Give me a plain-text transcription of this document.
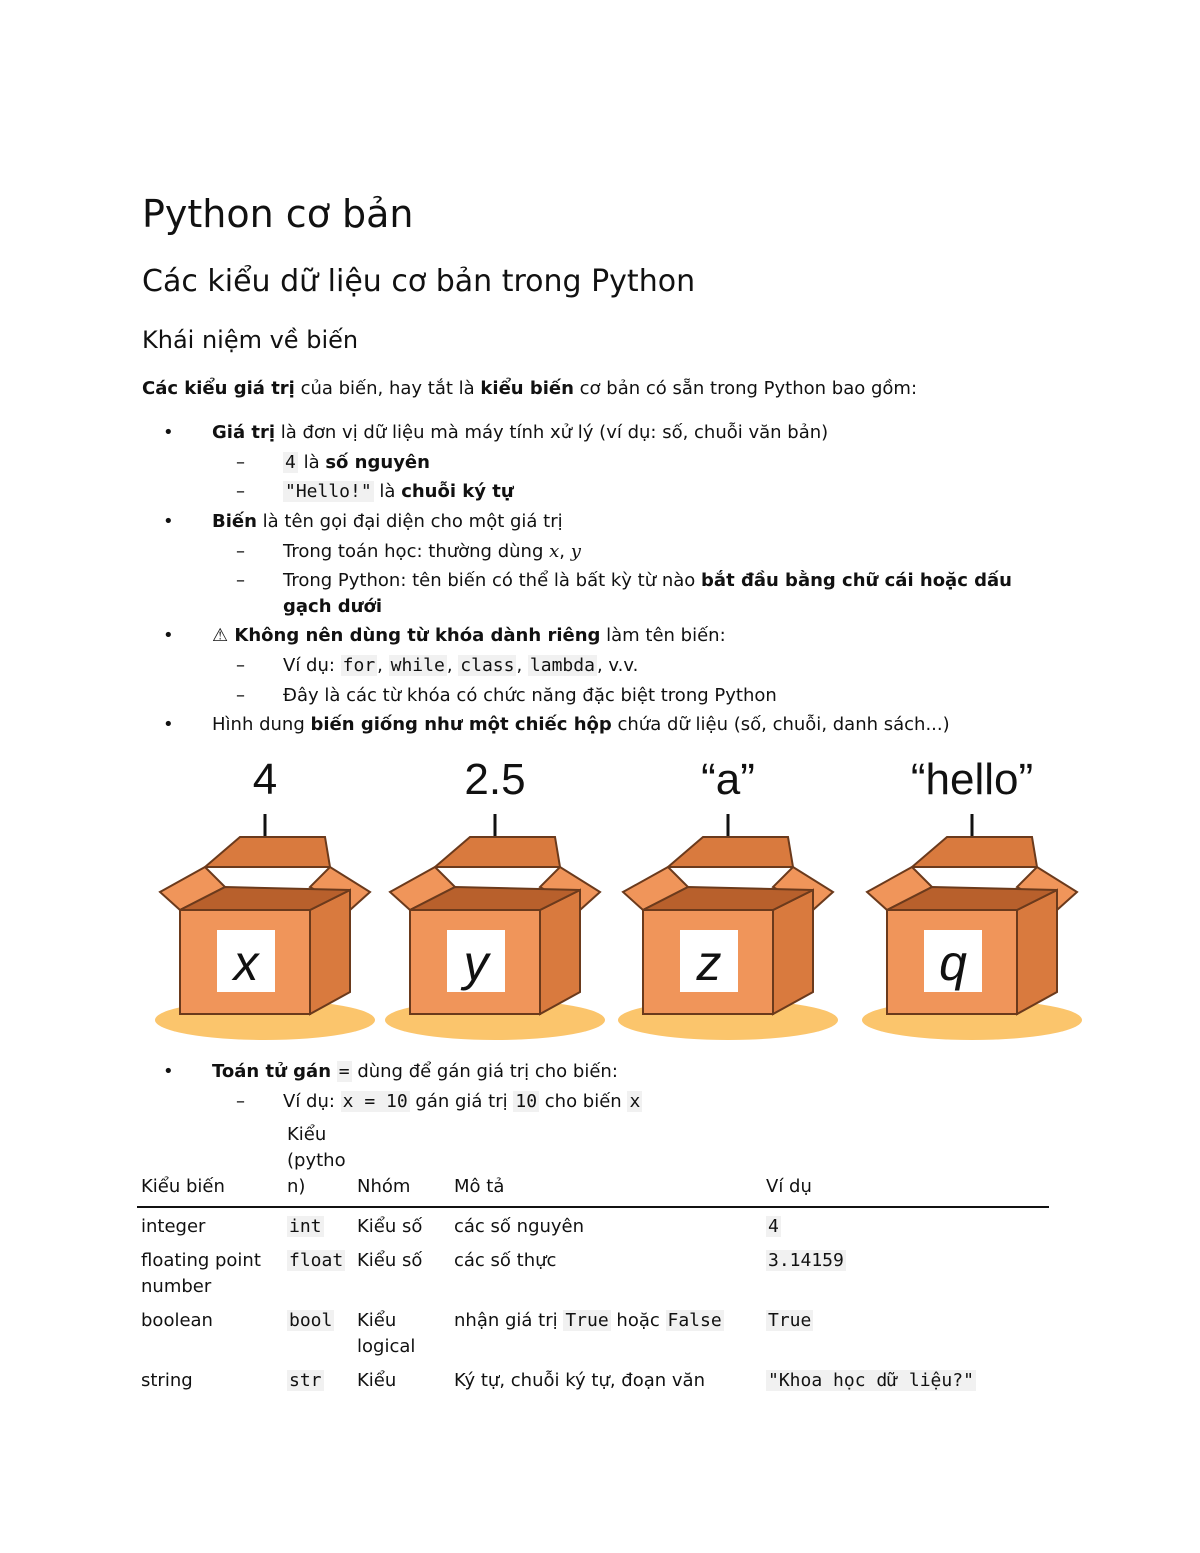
Python cơ bản
Các kiểu dữ liệu cơ bản trong Python
Khái niệm về biến
Các kiểu giá trị của biến, hay tắt là kiểu biến cơ bản có sẵn trong Python bao gồm:
• Giá trị là đơn vị dữ liệu mà máy tính xử lý (ví dụ: số, chuỗi văn bản)
– 4 là số nguyên
– "Hello!" là chuỗi ký tự
• Biến là tên gọi đại diện cho một giá trị
– Trong toán học: thường dùng x, y
– Trong Python: tên biến có thể là bất kỳ từ nào bắt đầu bằng chữ cái hoặc dấu
gạch dưới
• ⚠ Không nên dùng từ khóa dành riêng làm tên biến:
– Ví dụ: for , while , class , lambda , v.v.
– Đây là các từ khóa có chức năng đặc biệt trong Python
• Hình dung biến giống như một chiếc hộp chứa dữ liệu (số, chuỗi, danh sách...)
4
x
2.5
y
“a”
z
“hello”
q
• Toán tử gán = dùng để gán giá trị cho biến:
– Ví dụ: x = 10 gán giá trị 10 cho biến x
Kiểu biến	Kiểu (python)	Nhóm	Mô tả	Ví dụ
integer	int	Kiểu số	các số nguyên	4
floating point number	float	Kiểu số	các số thực	3.14159
boolean	bool	Kiểu logical	nhận giá trị True hoặc False	True
string	str	Kiểu	Ký tự, chuỗi ký tự, đoạn văn	"Khoa học dữ liệu?"
